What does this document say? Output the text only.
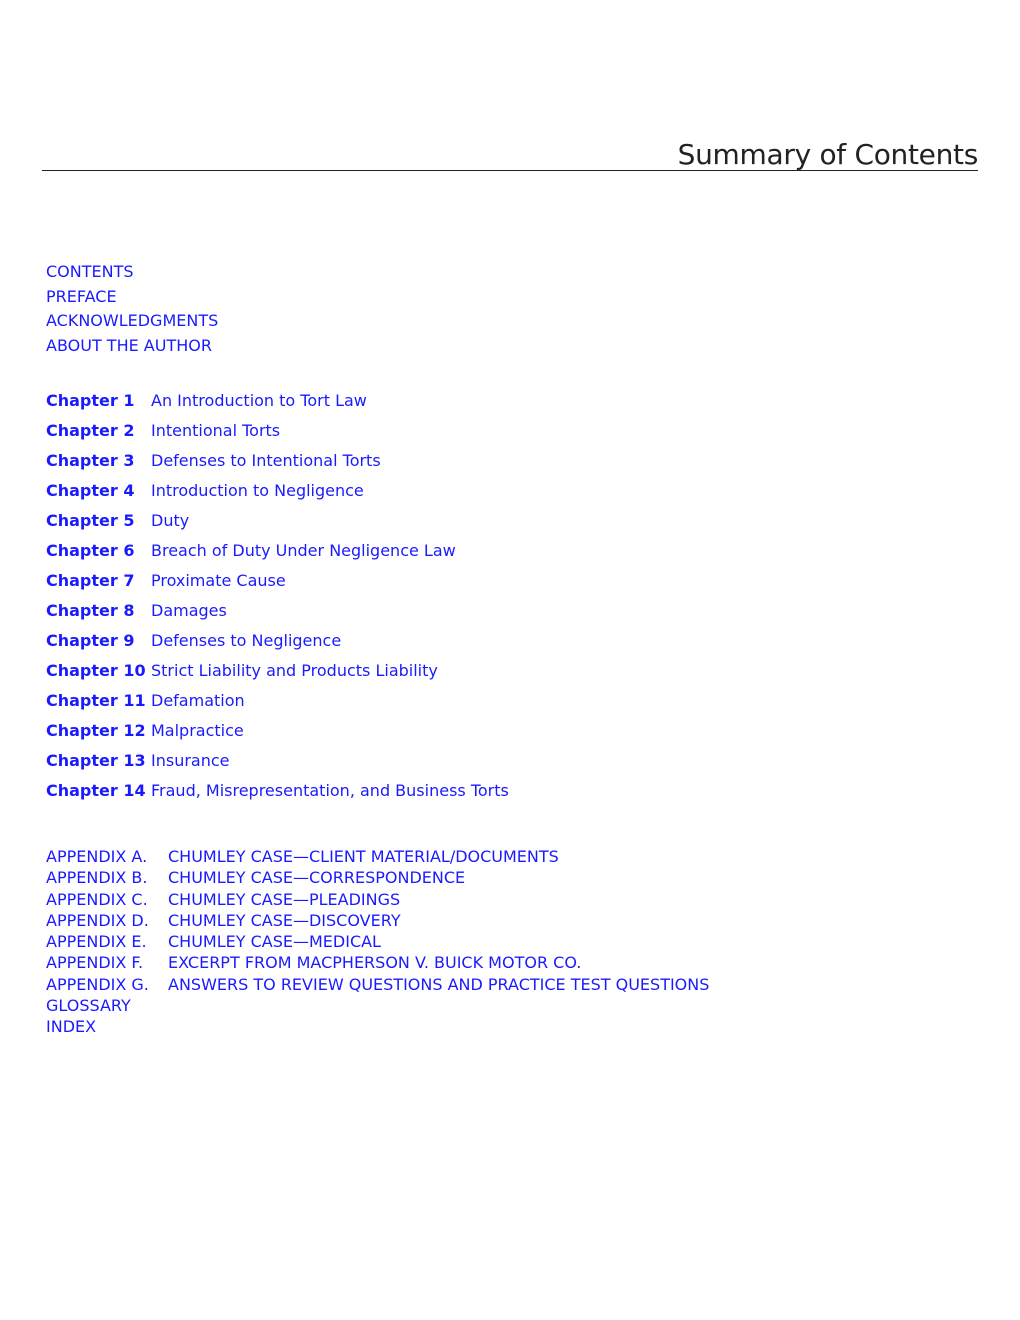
Summary of Contents
CONTENTS
PREFACE
ACKNOWLEDGMENTS
ABOUT THE AUTHOR
Chapter 1	An Introduction to Tort Law
Chapter 2	Intentional Torts
Chapter 3	Defenses to Intentional Torts
Chapter 4	Introduction to Negligence
Chapter 5	Duty
Chapter 6	Breach of Duty Under Negligence Law
Chapter 7	Proximate Cause
Chapter 8	Damages
Chapter 9	Defenses to Negligence
Chapter 10 Strict Liability and Products Liability
Chapter 11 Defamation
Chapter 12 Malpractice
Chapter 13 Insurance
Chapter 14 Fraud, Misrepresentation, and Business Torts
APPENDIX A.	CHUMLEY CASE—CLIENT MATERIAL/DOCUMENTS
APPENDIX B.	CHUMLEY CASE—CORRESPONDENCE
APPENDIX C.	CHUMLEY CASE—PLEADINGS
APPENDIX D.	CHUMLEY CASE—DISCOVERY
APPENDIX E.	CHUMLEY CASE—MEDICAL
APPENDIX F.	EXCERPT FROM MACPHERSON V. BUICK MOTOR CO.
APPENDIX G.	ANSWERS TO REVIEW QUESTIONS AND PRACTICE TEST QUESTIONS
GLOSSARY
INDEX
